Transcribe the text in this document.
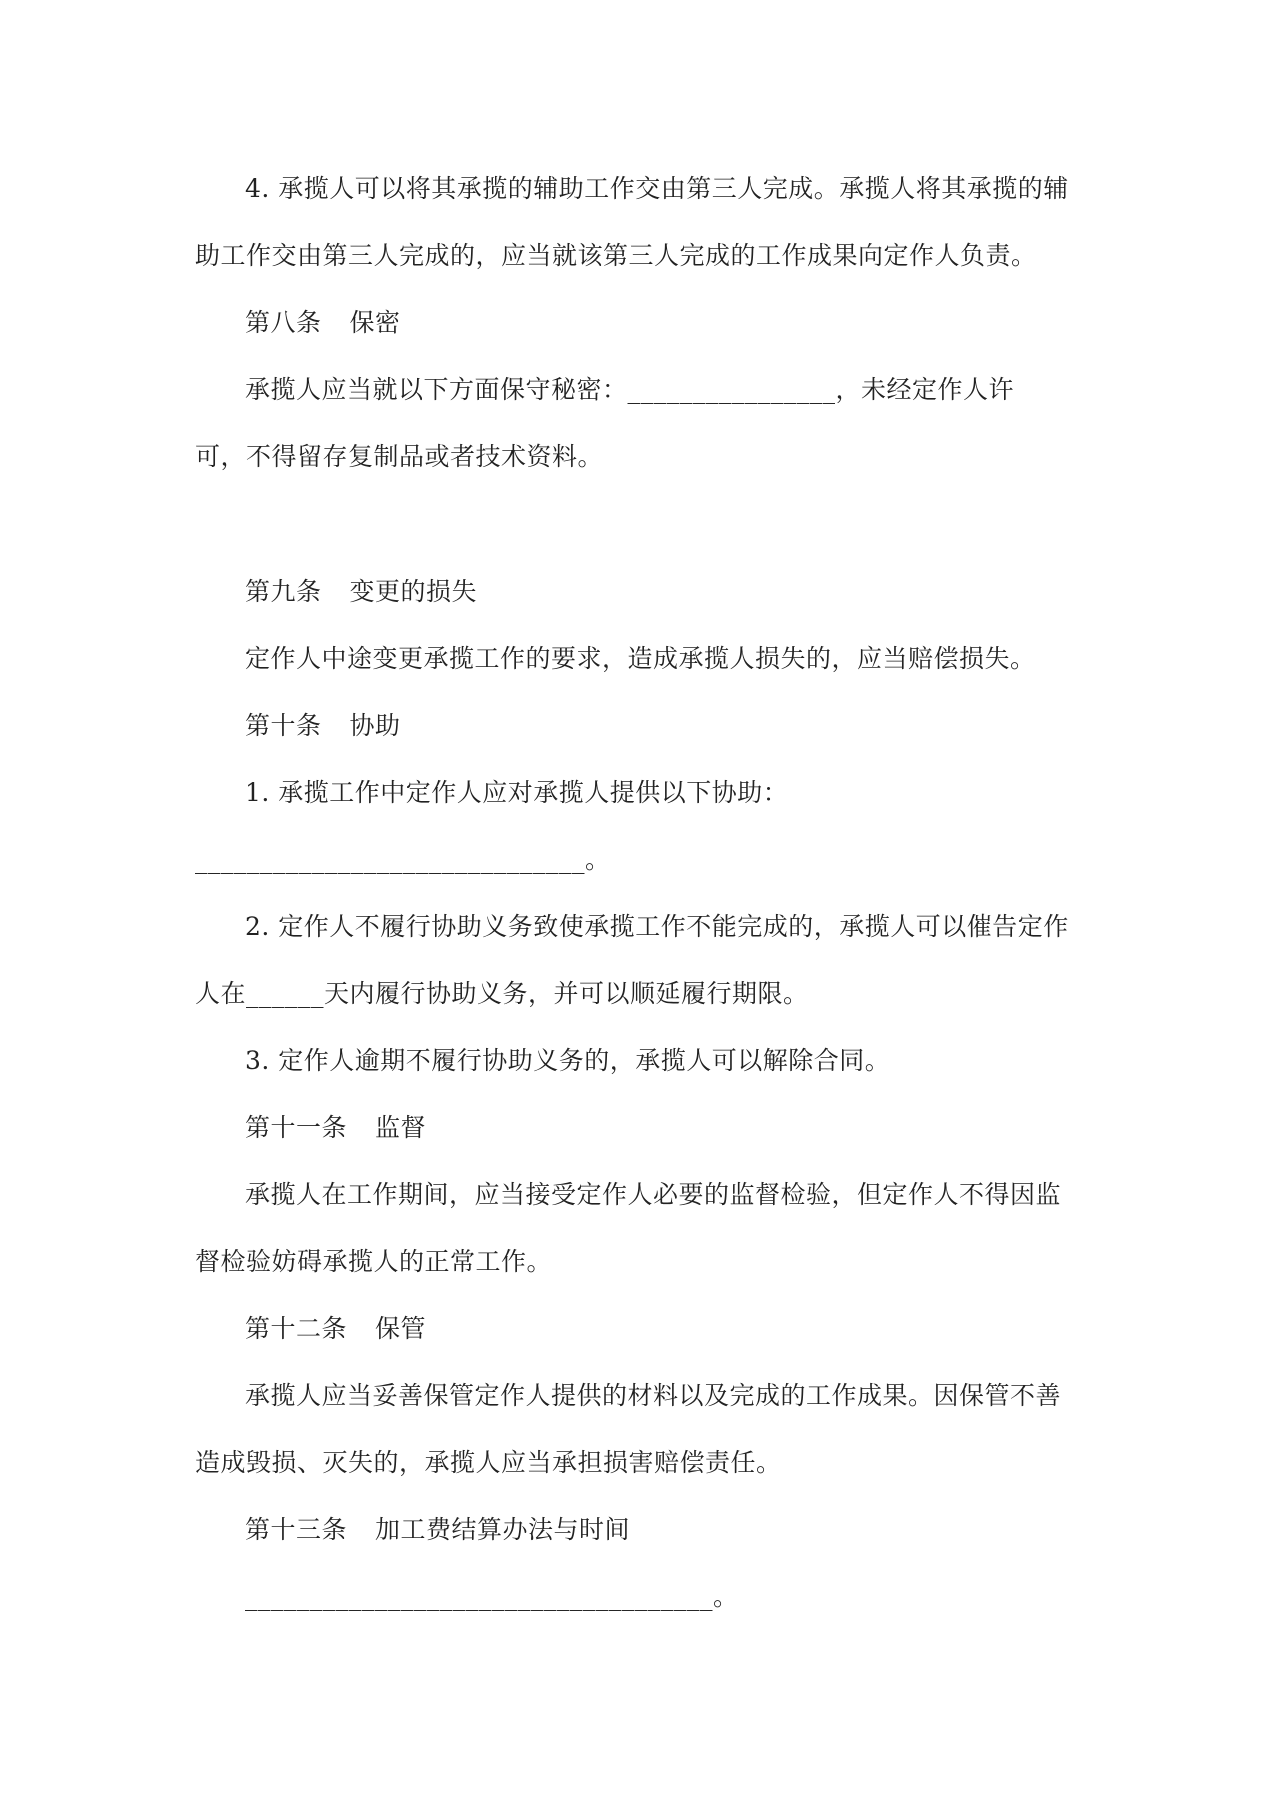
4. 承揽人可以将其承揽的辅助工作交由第三人完成。承揽人将其承揽的辅
助工作交由第三人完成的，应当就该第三人完成的工作成果向定作人负责。
第八条 保密
承揽人应当就以下方面保守秘密：________________，未经定作人许
可，不得留存复制品或者技术资料。
第九条 变更的损失
定作人中途变更承揽工作的要求，造成承揽人损失的，应当赔偿损失。
第十条 协助
1. 承揽工作中定作人应对承揽人提供以下协助：
______________________________。
2. 定作人不履行协助义务致使承揽工作不能完成的，承揽人可以催告定作
人在______天内履行协助义务，并可以顺延履行期限。
3. 定作人逾期不履行协助义务的，承揽人可以解除合同。
第十一条 监督
承揽人在工作期间，应当接受定作人必要的监督检验，但定作人不得因监
督检验妨碍承揽人的正常工作。
第十二条 保管
承揽人应当妥善保管定作人提供的材料以及完成的工作成果。因保管不善
造成毁损、灭失的，承揽人应当承担损害赔偿责任。
第十三条 加工费结算办法与时间
____________________________________。
